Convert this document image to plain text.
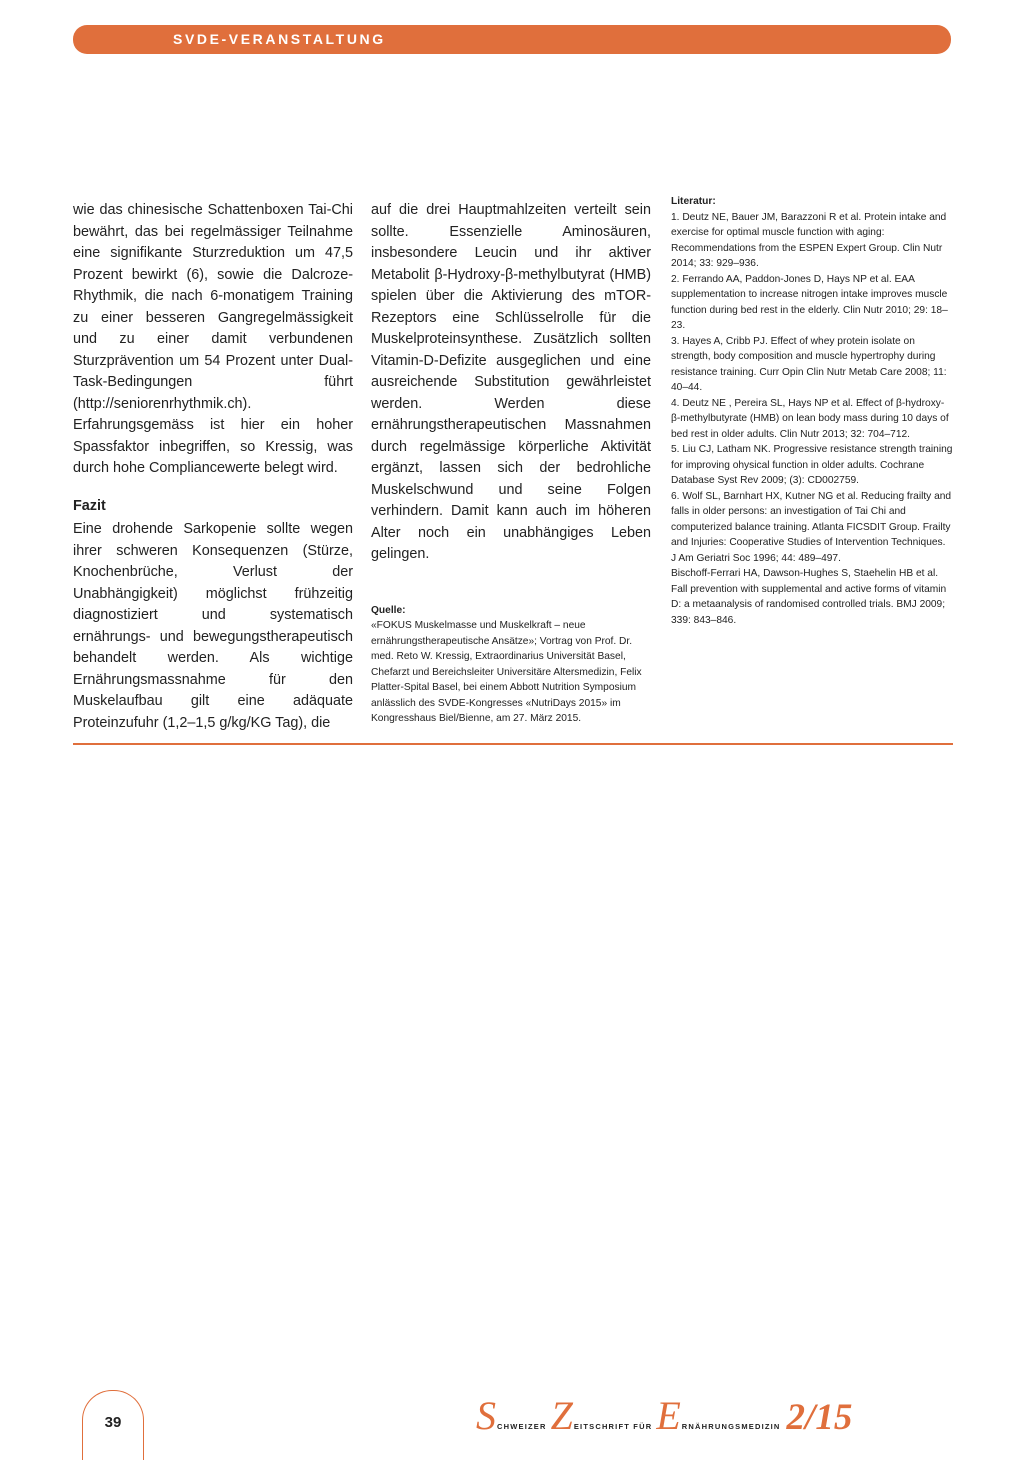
SVDE-VERANSTALTUNG

wie das chinesische Schattenboxen Tai-Chi bewährt, das bei regelmässiger Teilnahme eine signifikante Sturzreduktion um 47,5 Prozent bewirkt (6), sowie die Dalcroze-Rhythmik, die nach 6-monatigem Training zu einer besseren Gangregelmässigkeit und zu einer damit verbundenen Sturzprävention um 54 Prozent unter Dual-Task-Bedingungen führt (http://seniorenrhythmik.ch). Erfahrungsgemäss ist hier ein hoher Spassfaktor inbegriffen, so Kressig, was durch hohe Compliancewerte belegt wird.

Fazit

Eine drohende Sarkopenie sollte wegen ihrer schweren Konsequenzen (Stürze, Knochenbrüche, Verlust der Unabhängigkeit) möglichst frühzeitig diagnostiziert und systematisch ernährungs- und bewegungstherapeutisch behandelt werden. Als wichtige Ernährungsmassnahme für den Muskelaufbau gilt eine adäquate Proteinzufuhr (1,2–1,5 g/kg/KG Tag), die

auf die drei Hauptmahlzeiten verteilt sein sollte. Essenzielle Aminosäuren, insbesondere Leucin und ihr aktiver Metabolit β-Hydroxy-β-methylbutyrat (HMB) spielen über die Aktivierung des mTOR-Rezeptors eine Schlüsselrolle für die Muskelproteinsynthese. Zusätzlich sollten Vitamin-D-Defizite ausgeglichen und eine ausreichende Substitution gewährleistet werden. Werden diese ernährungstherapeutischen Massnahmen durch regelmässige körperliche Aktivität ergänzt, lassen sich der bedrohliche Muskelschwund und seine Folgen verhindern. Damit kann auch im höheren Alter noch ein unabhängiges Leben gelingen.

Quelle:
«FOKUS Muskelmasse und Muskelkraft – neue ernährungstherapeutische Ansätze»; Vortrag von Prof. Dr. med. Reto W. Kressig, Extraordinarius Universität Basel, Chefarzt und Bereichsleiter Universitäre Altersmedizin, Felix Platter-Spital Basel, bei einem Abbott Nutrition Symposium anlässlich des SVDE-Kongresses «NutriDays 2015» im Kongresshaus Biel/Bienne, am 27. März 2015.
Literatur:
1. Deutz NE, Bauer JM, Barazzoni R et al. Protein intake and exercise for optimal muscle function with aging: Recommendations from the ESPEN Expert Group. Clin Nutr 2014; 33: 929–936.
2. Ferrando AA, Paddon-Jones D, Hays NP et al. EAA supplementation to increase nitrogen intake improves muscle function during bed rest in the elderly. Clin Nutr 2010; 29: 18–23.
3. Hayes A, Cribb PJ. Effect of whey protein isolate on strength, body composition and muscle hypertrophy during resistance training. Curr Opin Clin Nutr Metab Care 2008; 11: 40–44.
4. Deutz NE , Pereira SL, Hays NP et al. Effect of β-hydroxy-β-methylbutyrate (HMB) on lean body mass during 10 days of bed rest in older adults. Clin Nutr 2013; 32: 704–712.
5. Liu CJ, Latham NK. Progressive resistance strength training for improving ohysical function in older adults. Cochrane Database Syst Rev 2009; (3): CD002759.
6. Wolf SL, Barnhart HX, Kutner NG et al. Reducing frailty and falls in older persons: an investigation of Tai Chi and computerized balance training. Atlanta FICSDIT Group. Frailty and Injuries: Cooperative Studies of Intervention Techniques. J Am Geriatri Soc 1996; 44: 489–497.
Bischoff-Ferrari HA, Dawson-Hughes S, Staehelin HB et al. Fall prevention with supplemental and active forms of vitamin D: a metaanalysis of randomised controlled trials. BMJ 2009; 339: 843–846.
39	S CHWEIZER Z EITSCHRIFT FÜR E RNÄHRUNGSMEDIZIN 2/15
